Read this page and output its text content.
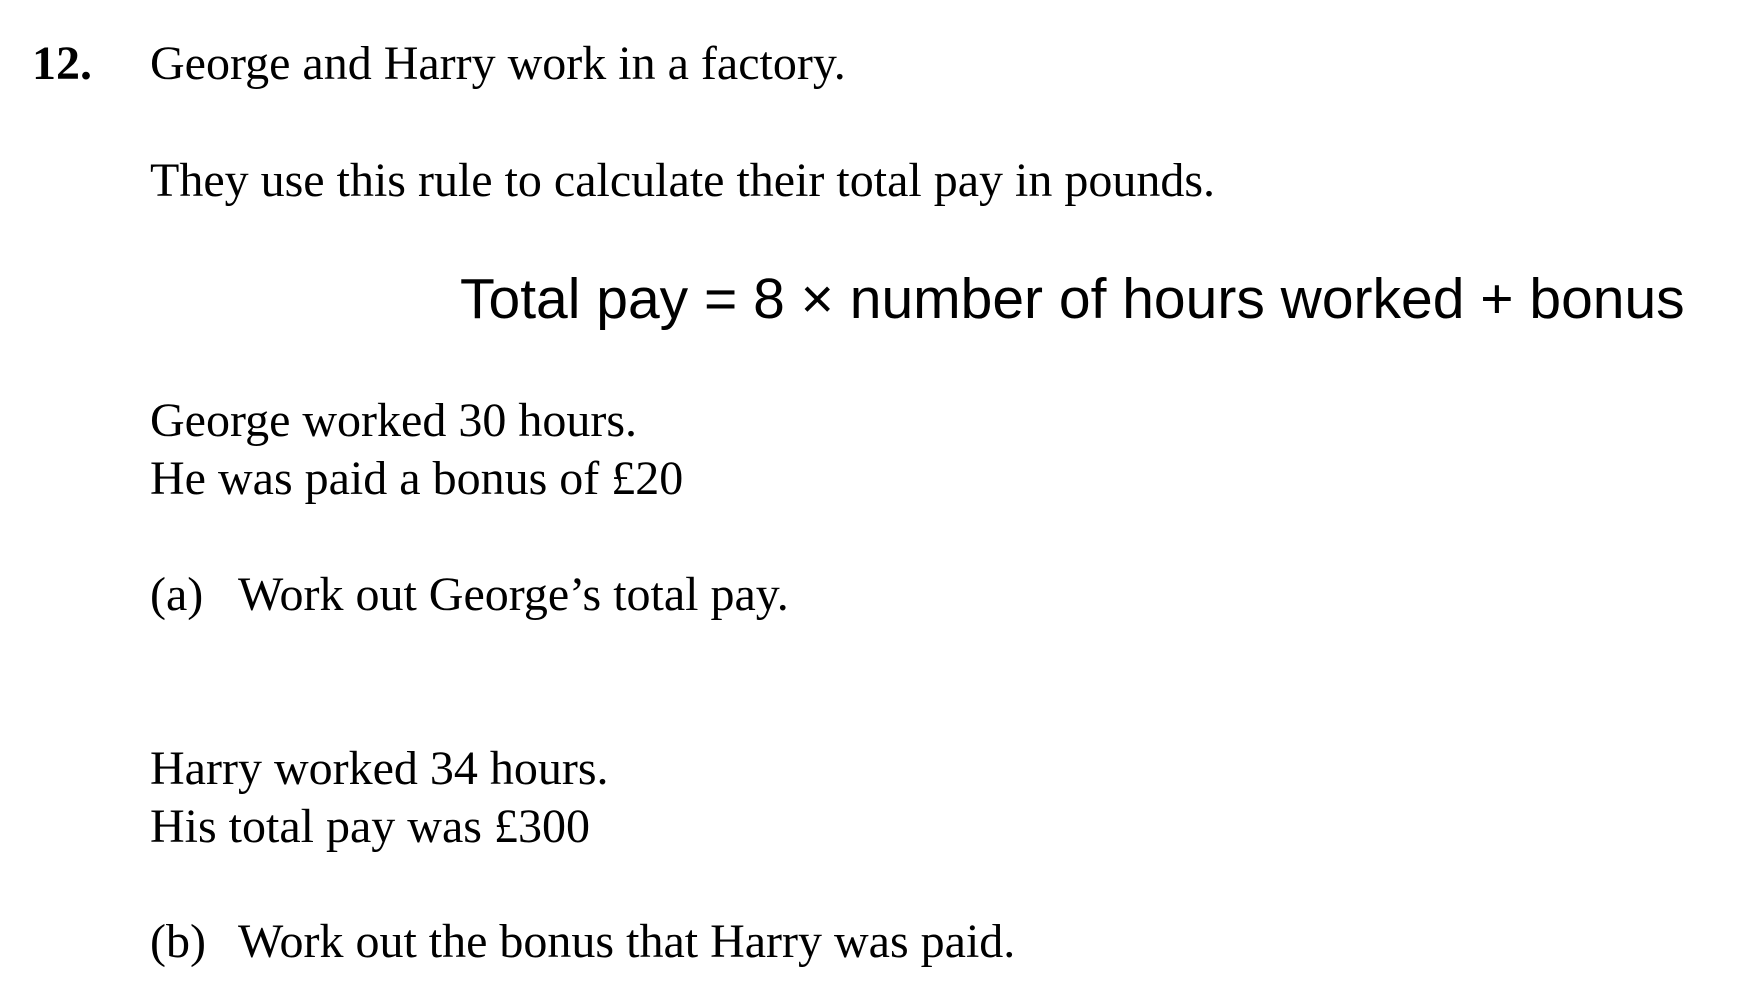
12. George and Harry work in a factory.
They use this rule to calculate their total pay in pounds.
Total pay = 8 × number of hours worked + bonus
George worked 30 hours.
He was paid a bonus of £20
(a) Work out George’s total pay.
Harry worked 34 hours.
His total pay was £300
(b) Work out the bonus that Harry was paid.
